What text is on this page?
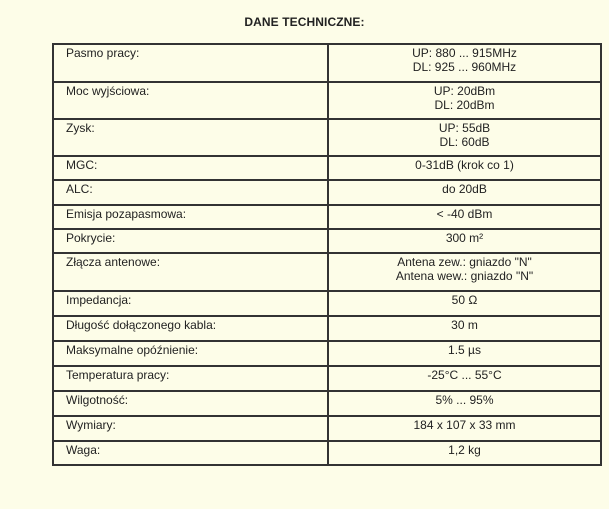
DANE TECHNICZNE:
Pasmo pracy:	UP: 880 ... 915MHz
DL: 925 ... 960MHz

Moc wyjściowa:	UP: 20dBm
DL: 20dBm

Zysk:	UP: 55dB
DL: 60dB

MGC:	0-31dB (krok co 1)
ALC:	do 20dB
Emisja pozapasmowa:	< -40 dBm
Pokrycie:	300 m²
Złącza antenowe:	Antena zew.: gniazdo "N"
Antena wew.: gniazdo "N"

Impedancja:	50 Ω
Długość dołączonego kabla:	30 m
Maksymalne opóźnienie:	1.5 µs
Temperatura pracy:	-25°C ... 55°C
Wilgotność:	5% ... 95%
Wymiary:	184 x 107 x 33 mm
Waga:	1,2 kg
